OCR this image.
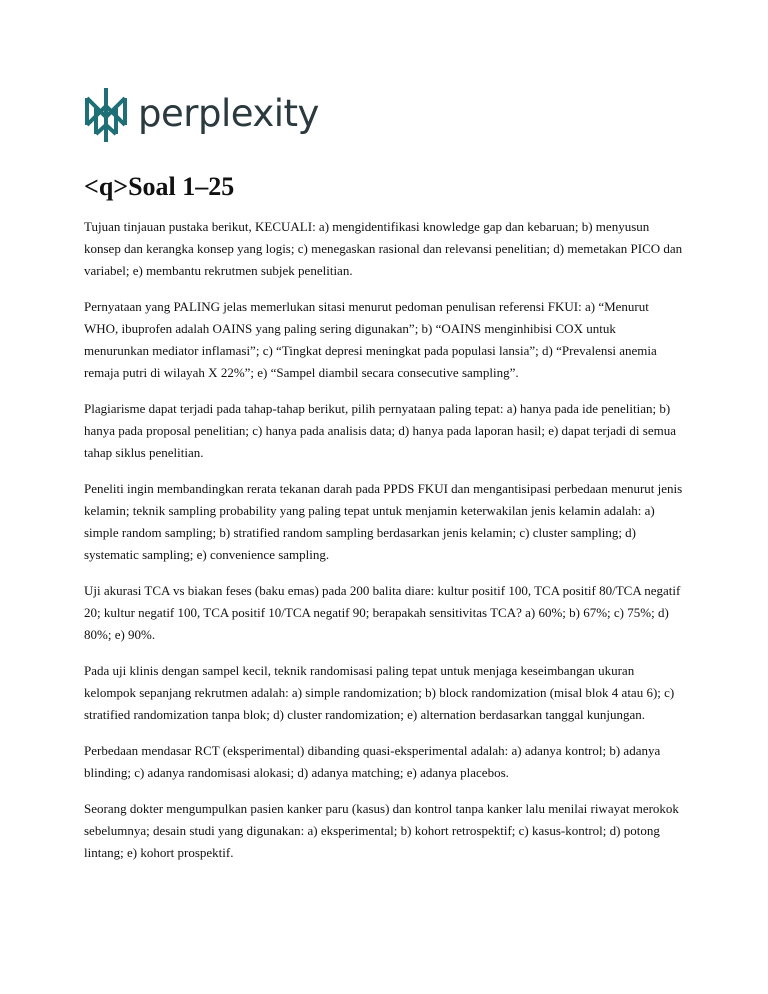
perplexity
<q>Soal 1–25

Tujuan tinjauan pustaka berikut, KECUALI: a) mengidentifikasi knowledge gap dan kebaruan; b) menyusun konsep dan kerangka konsep yang logis; c) menegaskan rasional dan relevansi penelitian; d) memetakan PICO dan variabel; e) membantu rekrutmen subjek penelitian.

Pernyataan yang PALING jelas memerlukan sitasi menurut pedoman penulisan referensi FKUI: a) “Menurut WHO, ibuprofen adalah OAINS yang paling sering digunakan”; b) “OAINS menginhibisi COX untuk menurunkan mediator inflamasi”; c) “Tingkat depresi meningkat pada populasi lansia”; d) “Prevalensi anemia remaja putri di wilayah X 22%”; e) “Sampel diambil secara consecutive sampling”.

Plagiarisme dapat terjadi pada tahap-tahap berikut, pilih pernyataan paling tepat: a) hanya pada ide penelitian; b) hanya pada proposal penelitian; c) hanya pada analisis data; d) hanya pada laporan hasil; e) dapat terjadi di semua tahap siklus penelitian.

Peneliti ingin membandingkan rerata tekanan darah pada PPDS FKUI dan mengantisipasi perbedaan menurut jenis kelamin; teknik sampling probability yang paling tepat untuk menjamin keterwakilan jenis kelamin adalah: a) simple random sampling; b) stratified random sampling berdasarkan jenis kelamin; c) cluster sampling; d) systematic sampling; e) convenience sampling.

Uji akurasi TCA vs biakan feses (baku emas) pada 200 balita diare: kultur positif 100, TCA positif 80/TCA negatif 20; kultur negatif 100, TCA positif 10/TCA negatif 90; berapakah sensitivitas TCA? a) 60%; b) 67%; c) 75%; d) 80%; e) 90%.

Pada uji klinis dengan sampel kecil, teknik randomisasi paling tepat untuk menjaga keseimbangan ukuran kelompok sepanjang rekrutmen adalah: a) simple randomization; b) block randomization (misal blok 4 atau 6); c) stratified randomization tanpa blok; d) cluster randomization; e) alternation berdasarkan tanggal kunjungan.

Perbedaan mendasar RCT (eksperimental) dibanding quasi-eksperimental adalah: a) adanya kontrol; b) adanya blinding; c) adanya randomisasi alokasi; d) adanya matching; e) adanya placebos.

Seorang dokter mengumpulkan pasien kanker paru (kasus) dan kontrol tanpa kanker lalu menilai riwayat merokok sebelumnya; desain studi yang digunakan: a) eksperimental; b) kohort retrospektif; c) kasus-kontrol; d) potong lintang; e) kohort prospektif.
